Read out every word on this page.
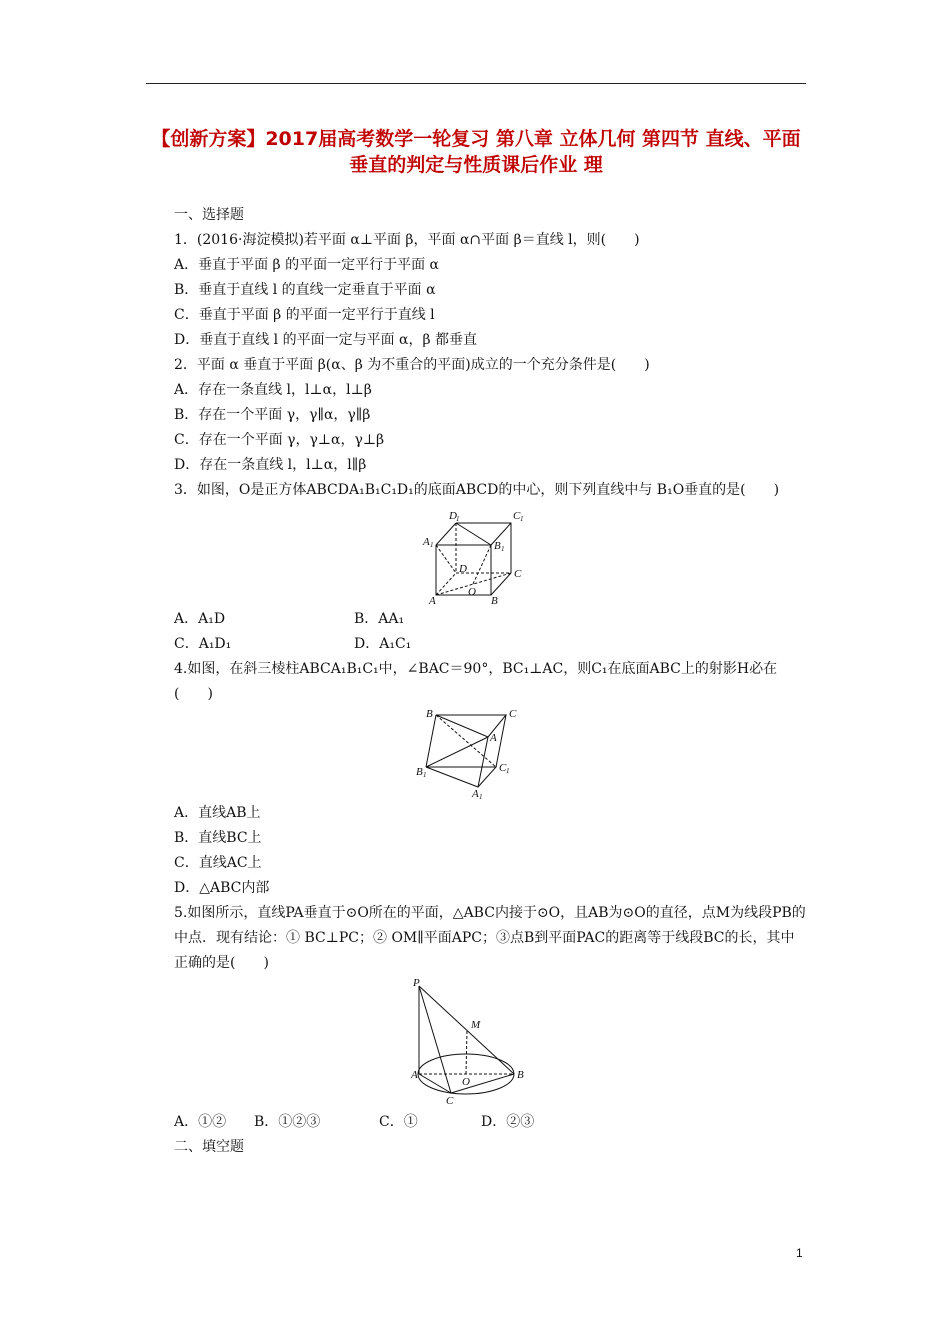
【创新方案】2017届高考数学一轮复习 第八章 立体几何 第四节 直线、平面垂直的判定与性质课后作业 理

一、选择题

1．(2016·海淀模拟)若平面 α⊥平面 β，平面 α∩平面 β＝直线 l，则(　　)

A．垂直于平面 β 的平面一定平行于平面 α

B．垂直于直线 l 的直线一定垂直于平面 α

C．垂直于平面 β 的平面一定平行于直线 l

D．垂直于直线 l 的平面一定与平面 α，β 都垂直

2．平面 α 垂直于平面 β(α、β 为不重合的平面)成立的一个充分条件是(　　)

A．存在一条直线 l，l⊥α，l⊥β

B．存在一个平面 γ，γ∥α，γ∥β

C．存在一个平面 γ，γ⊥α，γ⊥β

D．存在一条直线 l，l⊥α，l∥β

3．如图，O是正方体ABCDA₁B₁C₁D₁的底面ABCD的中心，则下列直线中与 B₁O垂直的是(　　)

D 1	C 1
A 1	B 1
D	C
O
A	B
A．A₁D	B．AA₁
C．A₁D₁	D．A₁C₁

4.如图，在斜三棱柱ABCA₁B₁C₁中，∠BAC＝90°，BC₁⊥AC，则C₁在底面ABC上的射影H必在(　　)

B	C
A
B 1
C 1
A 1

A．直线AB上

B．直线BC上

C．直线AC上

D．△ABC内部

5.如图所示，直线PA垂直于⊙O所在的平面，△ABC内接于⊙O，且AB为⊙O的直径，点M为线段PB的中点．现有结论：① BC⊥PC；② OM∥平面APC；③点B到平面PAC的距离等于线段BC的长，其中正确的是(　　)

P
M
A
O
B
C
A．①②	B．①②③	C．①	D．②③

二、填空题

1
